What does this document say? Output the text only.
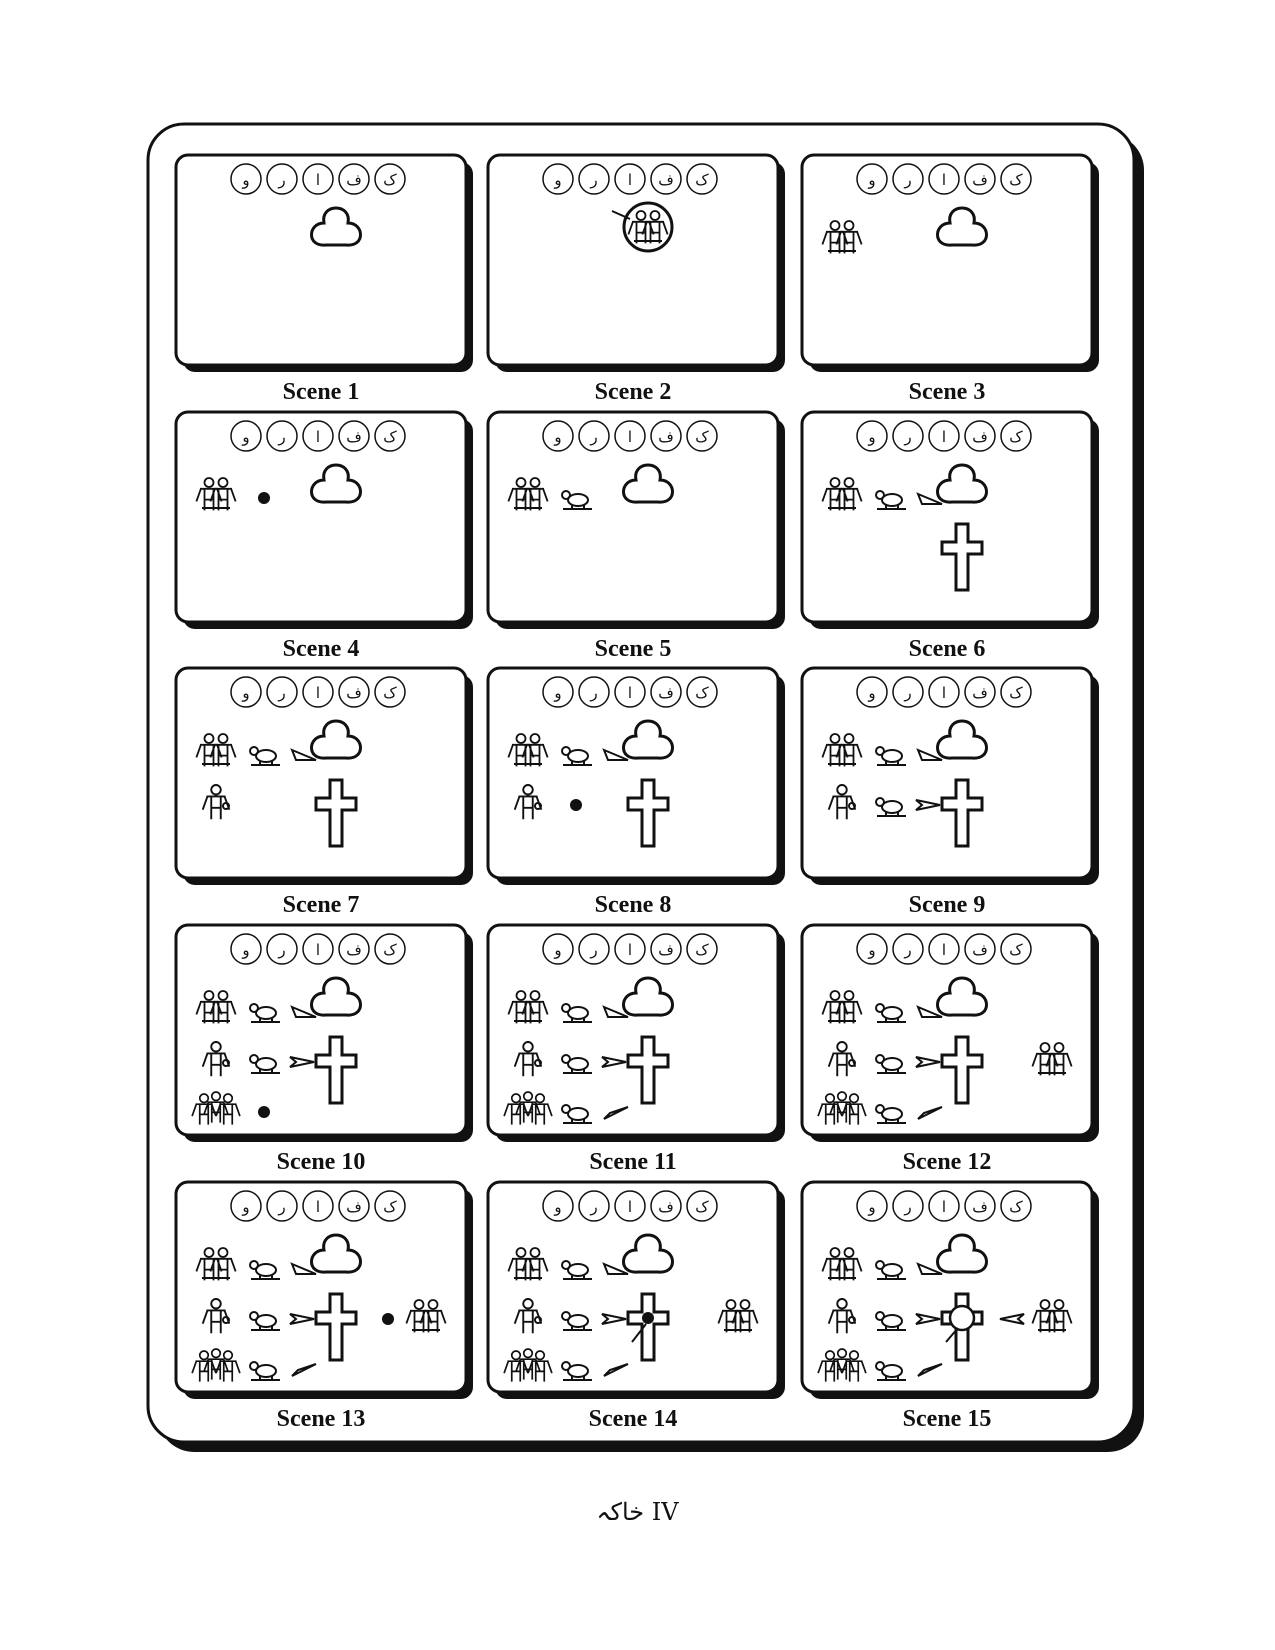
و ر ا ف ک
Scene 1
و ر ا ف ک
Scene 2
و ر ا ف ک
Scene 3
و ر ا ف ک
Scene 4
و ر ا ف ک
Scene 5
و ر ا ف ک
Scene 6
و ر ا ف ک
Scene 7
و ر ا ف ک
Scene 8
و ر ا ف ک
Scene 9
و ر ا ف ک
Scene 10
و ر ا ف ک
Scene 11
و ر ا ف ک
Scene 12
و ر ا ف ک
Scene 13
و ر ا ف ک
Scene 14
و ر ا ف ک
Scene 15
خاکہ IV
